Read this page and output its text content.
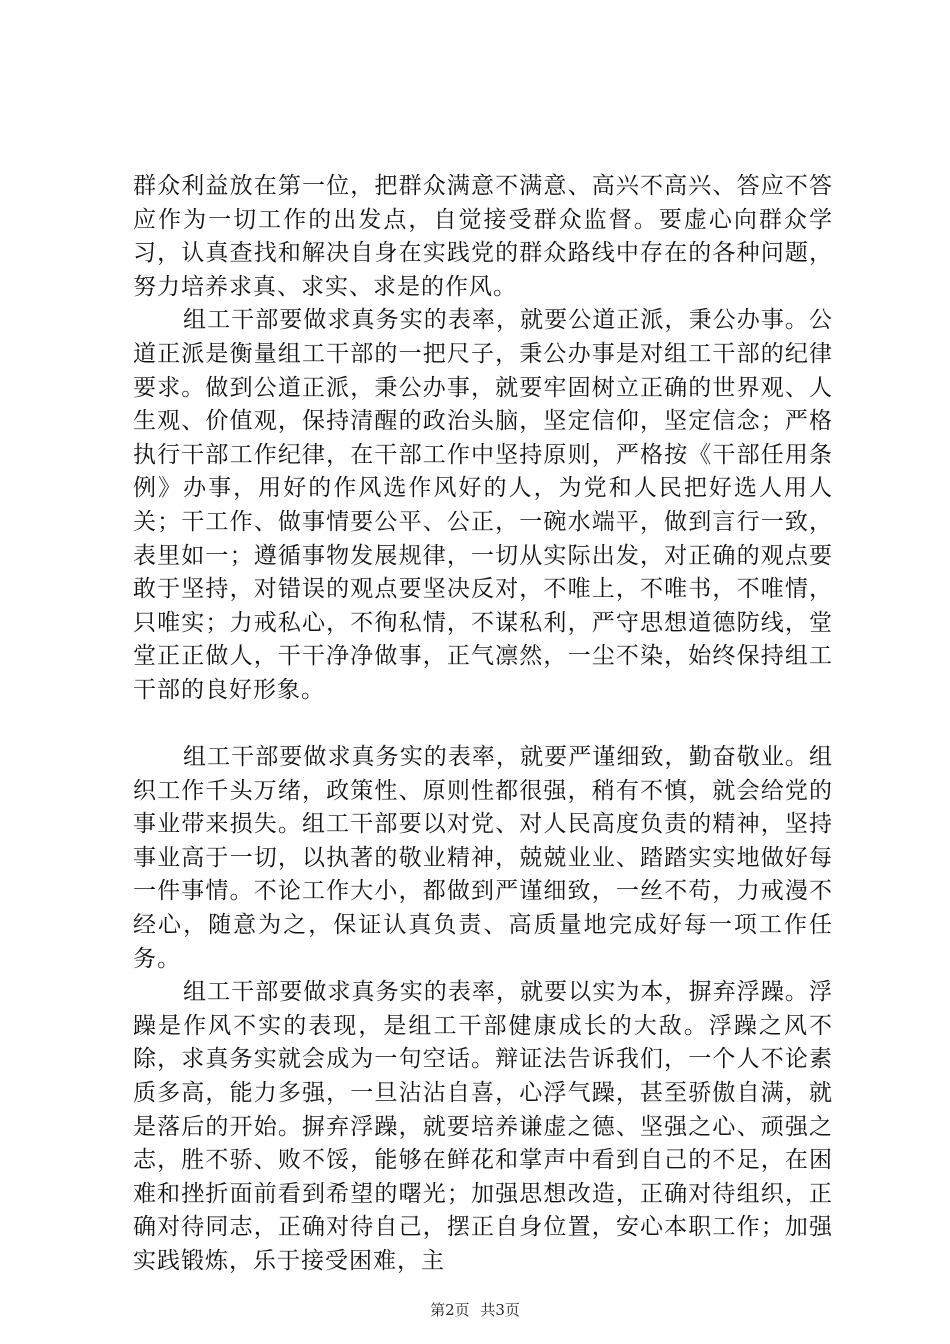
群众利益放在第一位，把群众满意不满意、高兴不高兴、答应不答应作为一切工作的出发点，自觉接受群众监督。要虚心向群众学习，认真查找和解决自身在实践党的群众路线中存在的各种问题，努力培养求真、求实、求是的作风。

组工干部要做求真务实的表率，就要公道正派，秉公办事。公道正派是衡量组工干部的一把尺子，秉公办事是对组工干部的纪律要求。做到公道正派，秉公办事，就要牢固树立正确的世界观、人生观、价值观，保持清醒的政治头脑，坚定信仰，坚定信念；严格执行干部工作纪律，在干部工作中坚持原则，严格按《干部任用条例》办事，用好的作风选作风好的人，为党和人民把好选人用人关；干工作、做事情要公平、公正，一碗水端平，做到言行一致，表里如一；遵循事物发展规律，一切从实际出发，对正确的观点要敢于坚持，对错误的观点要坚决反对，不唯上，不唯书，不唯情，只唯实；力戒私心，不徇私情，不谋私利，严守思想道德防线，堂堂正正做人，干干净净做事，正气凛然，一尘不染，始终保持组工干部的良好形象。

组工干部要做求真务实的表率，就要严谨细致，勤奋敬业。组织工作千头万绪，政策性、原则性都很强，稍有不慎，就会给党的事业带来损失。组工干部要以对党、对人民高度负责的精神，坚持事业高于一切，以执著的敬业精神，兢兢业业、踏踏实实地做好每一件事情。不论工作大小，都做到严谨细致，一丝不苟，力戒漫不经心，随意为之，保证认真负责、高质量地完成好每一项工作任务。

组工干部要做求真务实的表率，就要以实为本，摒弃浮躁。浮躁是作风不实的表现，是组工干部健康成长的大敌。浮躁之风不除，求真务实就会成为一句空话。辩证法告诉我们，一个人不论素质多高，能力多强，一旦沾沾自喜，心浮气躁，甚至骄傲自满，就是落后的开始。摒弃浮躁，就要培养谦虚之德、坚强之心、顽强之志，胜不骄、败不馁，能够在鲜花和掌声中看到自己的不足，在困难和挫折面前看到希望的曙光；加强思想改造，正确对待组织，正确对待同志，正确对待自己，摆正自身位置，安心本职工作；加强实践锻炼，乐于接受困难，主

第2页 共3页
